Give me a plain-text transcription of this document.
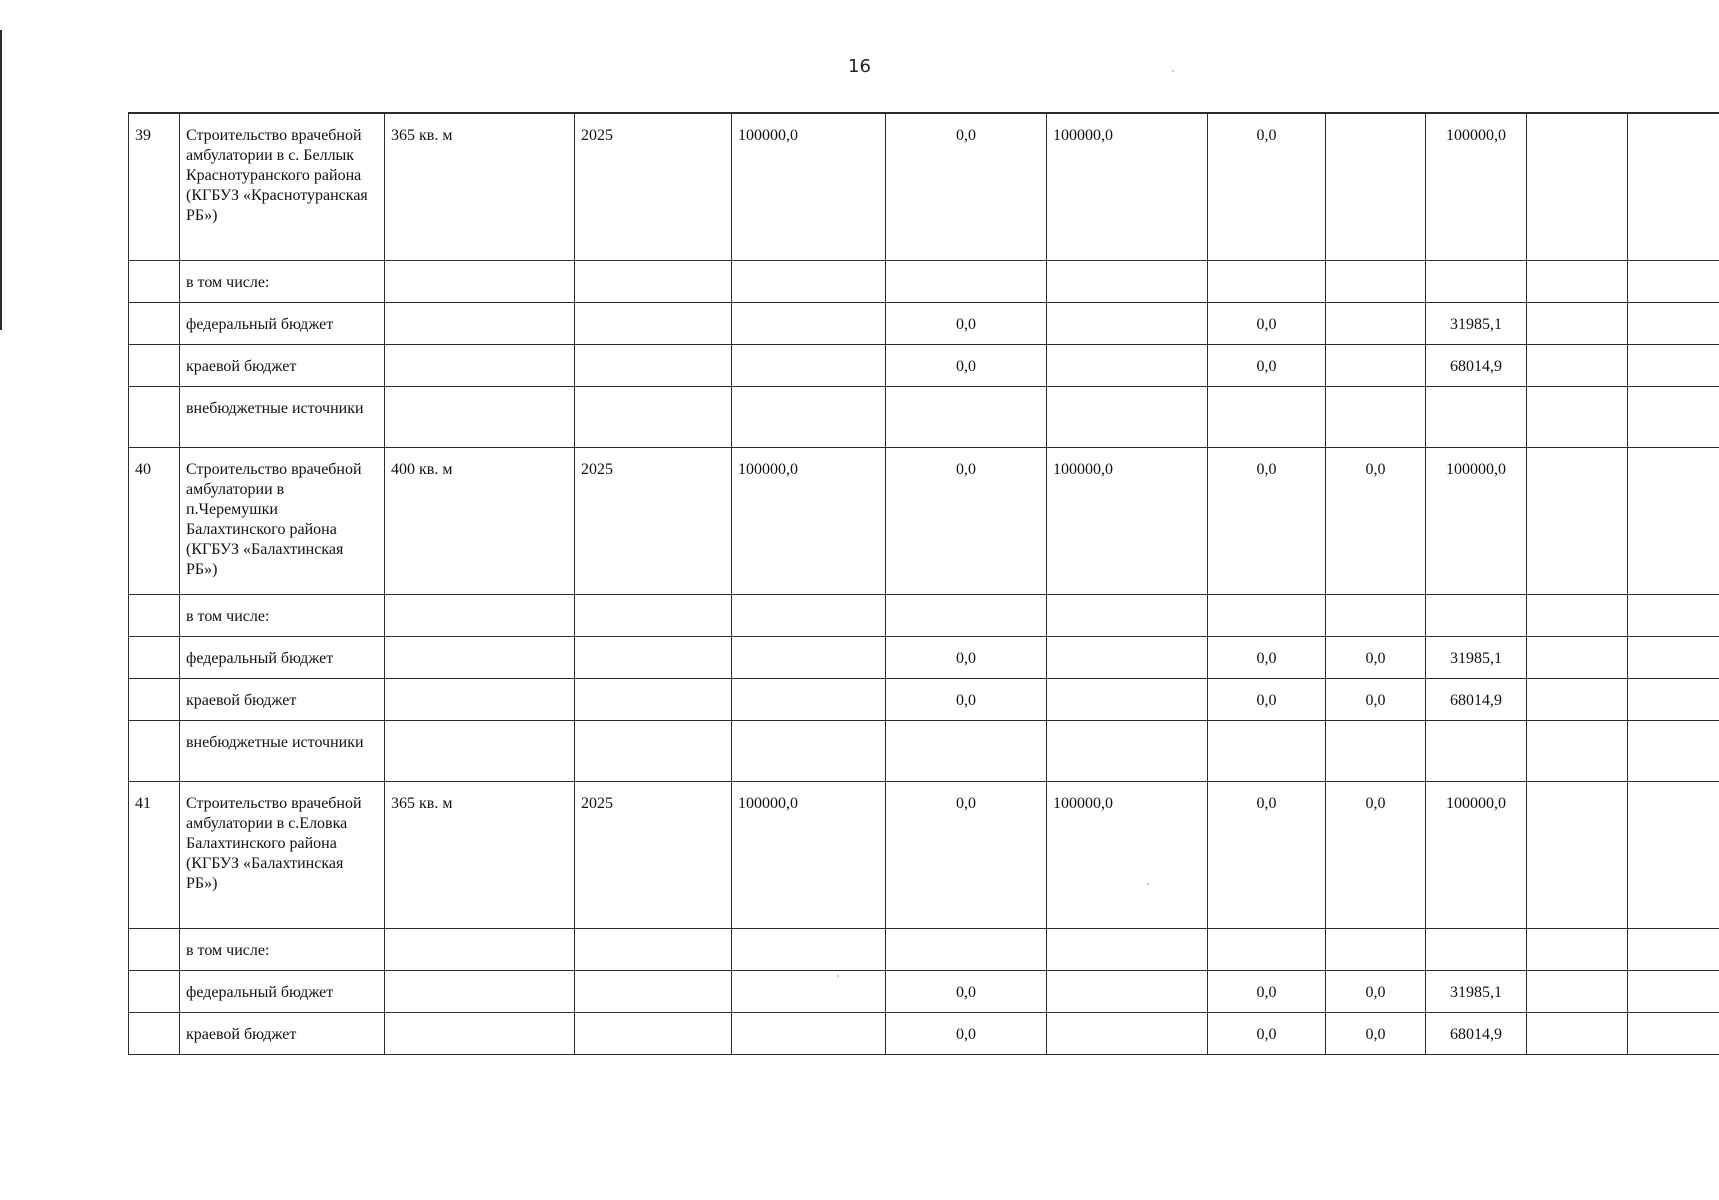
16
39	Строительство врачебной амбулатории в с. Беллык Краснотуранского района (КГБУЗ «Краснотуранская РБ»)	365 кв. м	2025	100000,0	0,0	100000,0	0,0		100000,0		
	в том числе:										
	федеральный бюджет				0,0		0,0		31985,1		
	краевой бюджет				0,0		0,0		68014,9		
	внебюджетные источники										
40	Строительство врачебной амбулатории в п.Черемушки Балахтинского района (КГБУЗ «Балахтинская РБ»)	400 кв. м	2025	100000,0	0,0	100000,0	0,0	0,0	100000,0		
	в том числе:										
	федеральный бюджет				0,0		0,0	0,0	31985,1		
	краевой бюджет				0,0		0,0	0,0	68014,9		
	внебюджетные источники										
41	Строительство врачебной амбулатории в с.Еловка Балахтинского района (КГБУЗ «Балахтинская РБ»)	365 кв. м	2025	100000,0	0,0	100000,0	0,0	0,0	100000,0		
	в том числе:										
	федеральный бюджет				0,0		0,0	0,0	31985,1		
	краевой бюджет				0,0		0,0	0,0	68014,9		
